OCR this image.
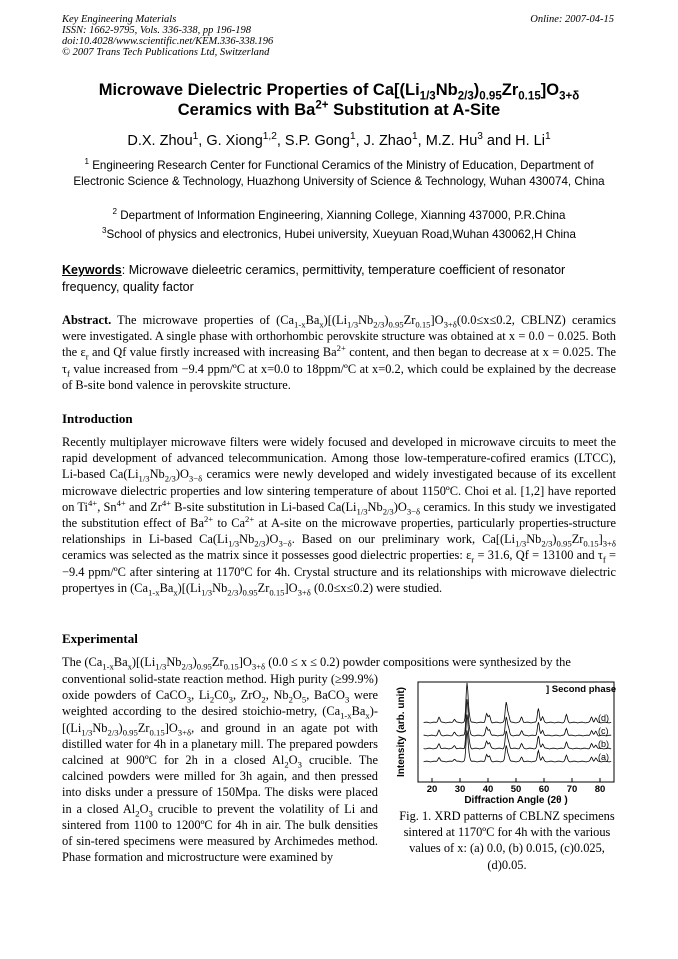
Key Engineering Materials
ISSN: 1662-9795, Vols. 336-338, pp 196-198
doi:10.4028/www.scientific.net/KEM.336-338.196
© 2007 Trans Tech Publications Ltd, Switzerland
Online: 2007-04-15
Microwave Dielectric Properties of $Ca[(Li_{1/3}Nb_{2/3})_{0.95}Zr_{0.15}]O_{3+\delta}$
Ceramics with $Ba^{2+}$ Substitution at A-Site
D.X. Zhou$^1$, G. Xiong$^{1,2}$, S.P. Gong$^1$, J. Zhao$^1$, M.Z. Hu$^3$ and H. Li$^1$
$^1$ Engineering Research Center for Functional Ceramics of the Ministry of Education, Department of Electronic Science & Technology, Huazhong University of Science & Technology, Wuhan 430074, China
$^2$ Department of Information Engineering, Xianning College, Xianning 437000, P.R.China
$^3$School of physics and electronics, Hubei university, Xueyuan Road,Wuhan 430062,H China
Keywords: Microwave dieleetric ceramics, permittivity, temperature coefficient of resonator frequency, quality factor
Abstract. The microwave properties of $(Ca_{1-x}Ba_x)[(Li_{1/3}Nb_{2/3})_{0.95}Zr_{0.15}]O_{3+\delta}(0.0\le x\le 0.2$, CBLNZ) ceramics were investigated. A single phase with orthorhombic perovskite structure was obtained at x = 0.0 − 0.025. Both the $\varepsilon_r$ and Qf value firstly increased with increasing $Ba^{2+}$ content, and then began to decrease at x = 0.025. The $\tau_f$ value increased from −9.4 ppm/ºC at x=0.0 to 18ppm/ºC at x=0.2, which could be explained by the decrease of B-site bond valence in perovskite structure.
Introduction
Recently multiplayer microwave filters were widely focused and developed in microwave circuits to meet the rapid development of advanced telecommunication. Among those low-temperature-cofired eramics (LTCC), Li-based $Ca(Li_{1/3}Nb_{2/3})O_{3-\delta}$ ceramics were newly developed and widely investigated because of its excellent microwave dielectric properties and low sintering temperature of about 1150ºC. Choi et al. [1,2] have reported on $Ti^{4+}$, $Sn^{4+}$ and $Zr^{4+}$ B-site substitution in Li-based $Ca(Li_{1/3}Nb_{2/3})O_{3-\delta}$ ceramics. In this study we investigated the substitution effect of $Ba^{2+}$ to $Ca^{2+}$ at A-site on the microwave properties, particularly properties-structure relationships in Li-based $Ca(Li_{1/3}Nb_{2/3})O_{3-\delta}$. Based on our preliminary work, $Ca[(Li_{1/3}Nb_{2/3})_{0.95}Zr_{0.15}]_{3+\delta}$ ceramics was selected as the matrix since it possesses good dielectric properties: $\varepsilon_r = 31.6$, Qf = 13100 and $\tau_f = -9.4$ ppm/ºC after sintering at 1170ºC for 4h. Crystal structure and its relationships with microwave dielectric propertyes in $(Ca_{1-x}Ba_x)[(Li_{1/3}Nb_{2/3})_{0.95}Zr_{0.15}]O_{3+\delta}$ (0.0≤x≤0.2) were studied.
Experimental
The $(Ca_{1-x}Ba_x)[(Li_{1/3}Nb_{2/3})_{0.95}Zr_{0.15}]O_{3+\delta}$ (0.0 ≤ x ≤ 0.2) powder compositions were synthesized by the
conventional solid-state reaction method. High purity (≥99.9%) oxide powders of CaCO$_3$, $Li_2C0_3$, ZrO$_2$, $Nb_2O_5$, BaCO$_3$ were weighted according to the desired stoichio-metry, $(Ca_{1-x}Ba_x)-$ $[(Li_{1/3}Nb_{2/3})_{0.95}Zr_{0.15}]O_{3+\delta}$, and ground in an agate pot with distilled water for 4h in a planetary mill. The prepared powders calcined at 900ºC for 2h in a closed $Al_2O_3$ crucible. The calcined powders were milled for 3h again, and then pressed into disks under a pressure of 150Mpa. The disks were placed in a closed $Al_2O_3$ crucible to prevent the volatility of Li and sintered from 1100 to 1200ºC for 4h in air. The bulk densities of sin-tered specimens were measured by Archimedes method. Phase formation and microstructure were examined by
(d)
(c)
(b)
(a)
20 30 40 50 60 70 80
Intensity (arb. unit)
Diffraction Angle (2θ )
] Second phase
Fig. 1. XRD patterns of CBLNZ specimens sintered at 1170ºC for 4h with the various values of x: (a) 0.0, (b) 0.015, (c)0.025, (d)0.05.
